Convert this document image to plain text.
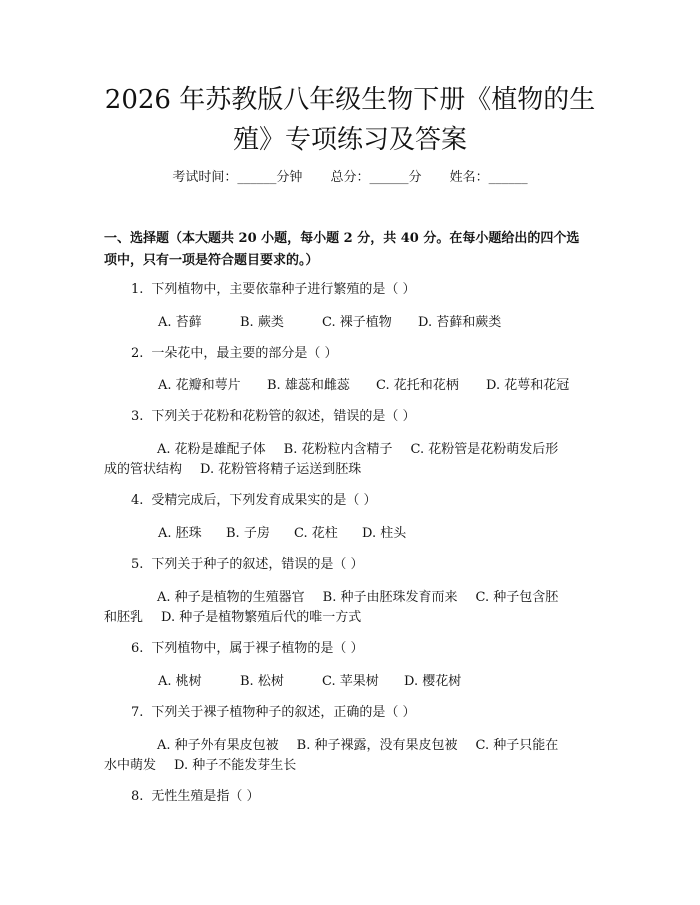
2026 年苏教版八年级生物下册《植物的生
殖》专项练习及答案
考试时间：______分钟 总分：______分 姓名：______

一、选择题（本大题共 20 小题，每小题 2 分，共 40 分。在每小题给出的四个选
项中，只有一项是符合题目要求的。）

1. 下列植物中，主要依靠种子进行繁殖的是（ ）

A. 苔藓	B. 蕨类	C. 裸子植物 D. 苔藓和蕨类

2. 一朵花中，最主要的部分是（ ）

A. 花瓣和萼片 B. 雄蕊和雌蕊 C. 花托和花柄 D. 花萼和花冠

3. 下列关于花粉和花粉管的叙述，错误的是（ ）

A. 花粉是雄配子体 B. 花粉粒内含精子 C. 花粉管是花粉萌发后形
成的管状结构 D. 花粉管将精子运送到胚珠

4. 受精完成后，下列发育成果实的是（ ）

A. 胚珠 B. 子房 C. 花柱 D. 柱头

5. 下列关于种子的叙述，错误的是（ ）

A. 种子是植物的生殖器官 B. 种子由胚珠发育而来 C. 种子包含胚
和胚乳 D. 种子是植物繁殖后代的唯一方式

6. 下列植物中，属于裸子植物的是（ ）

A. 桃树	B. 松树	C. 苹果树 D. 樱花树

7. 下列关于裸子植物种子的叙述，正确的是（ ）

A. 种子外有果皮包被 B. 种子裸露，没有果皮包被 C. 种子只能在
水中萌发 D. 种子不能发芽生长

8. 无性生殖是指（ ）
